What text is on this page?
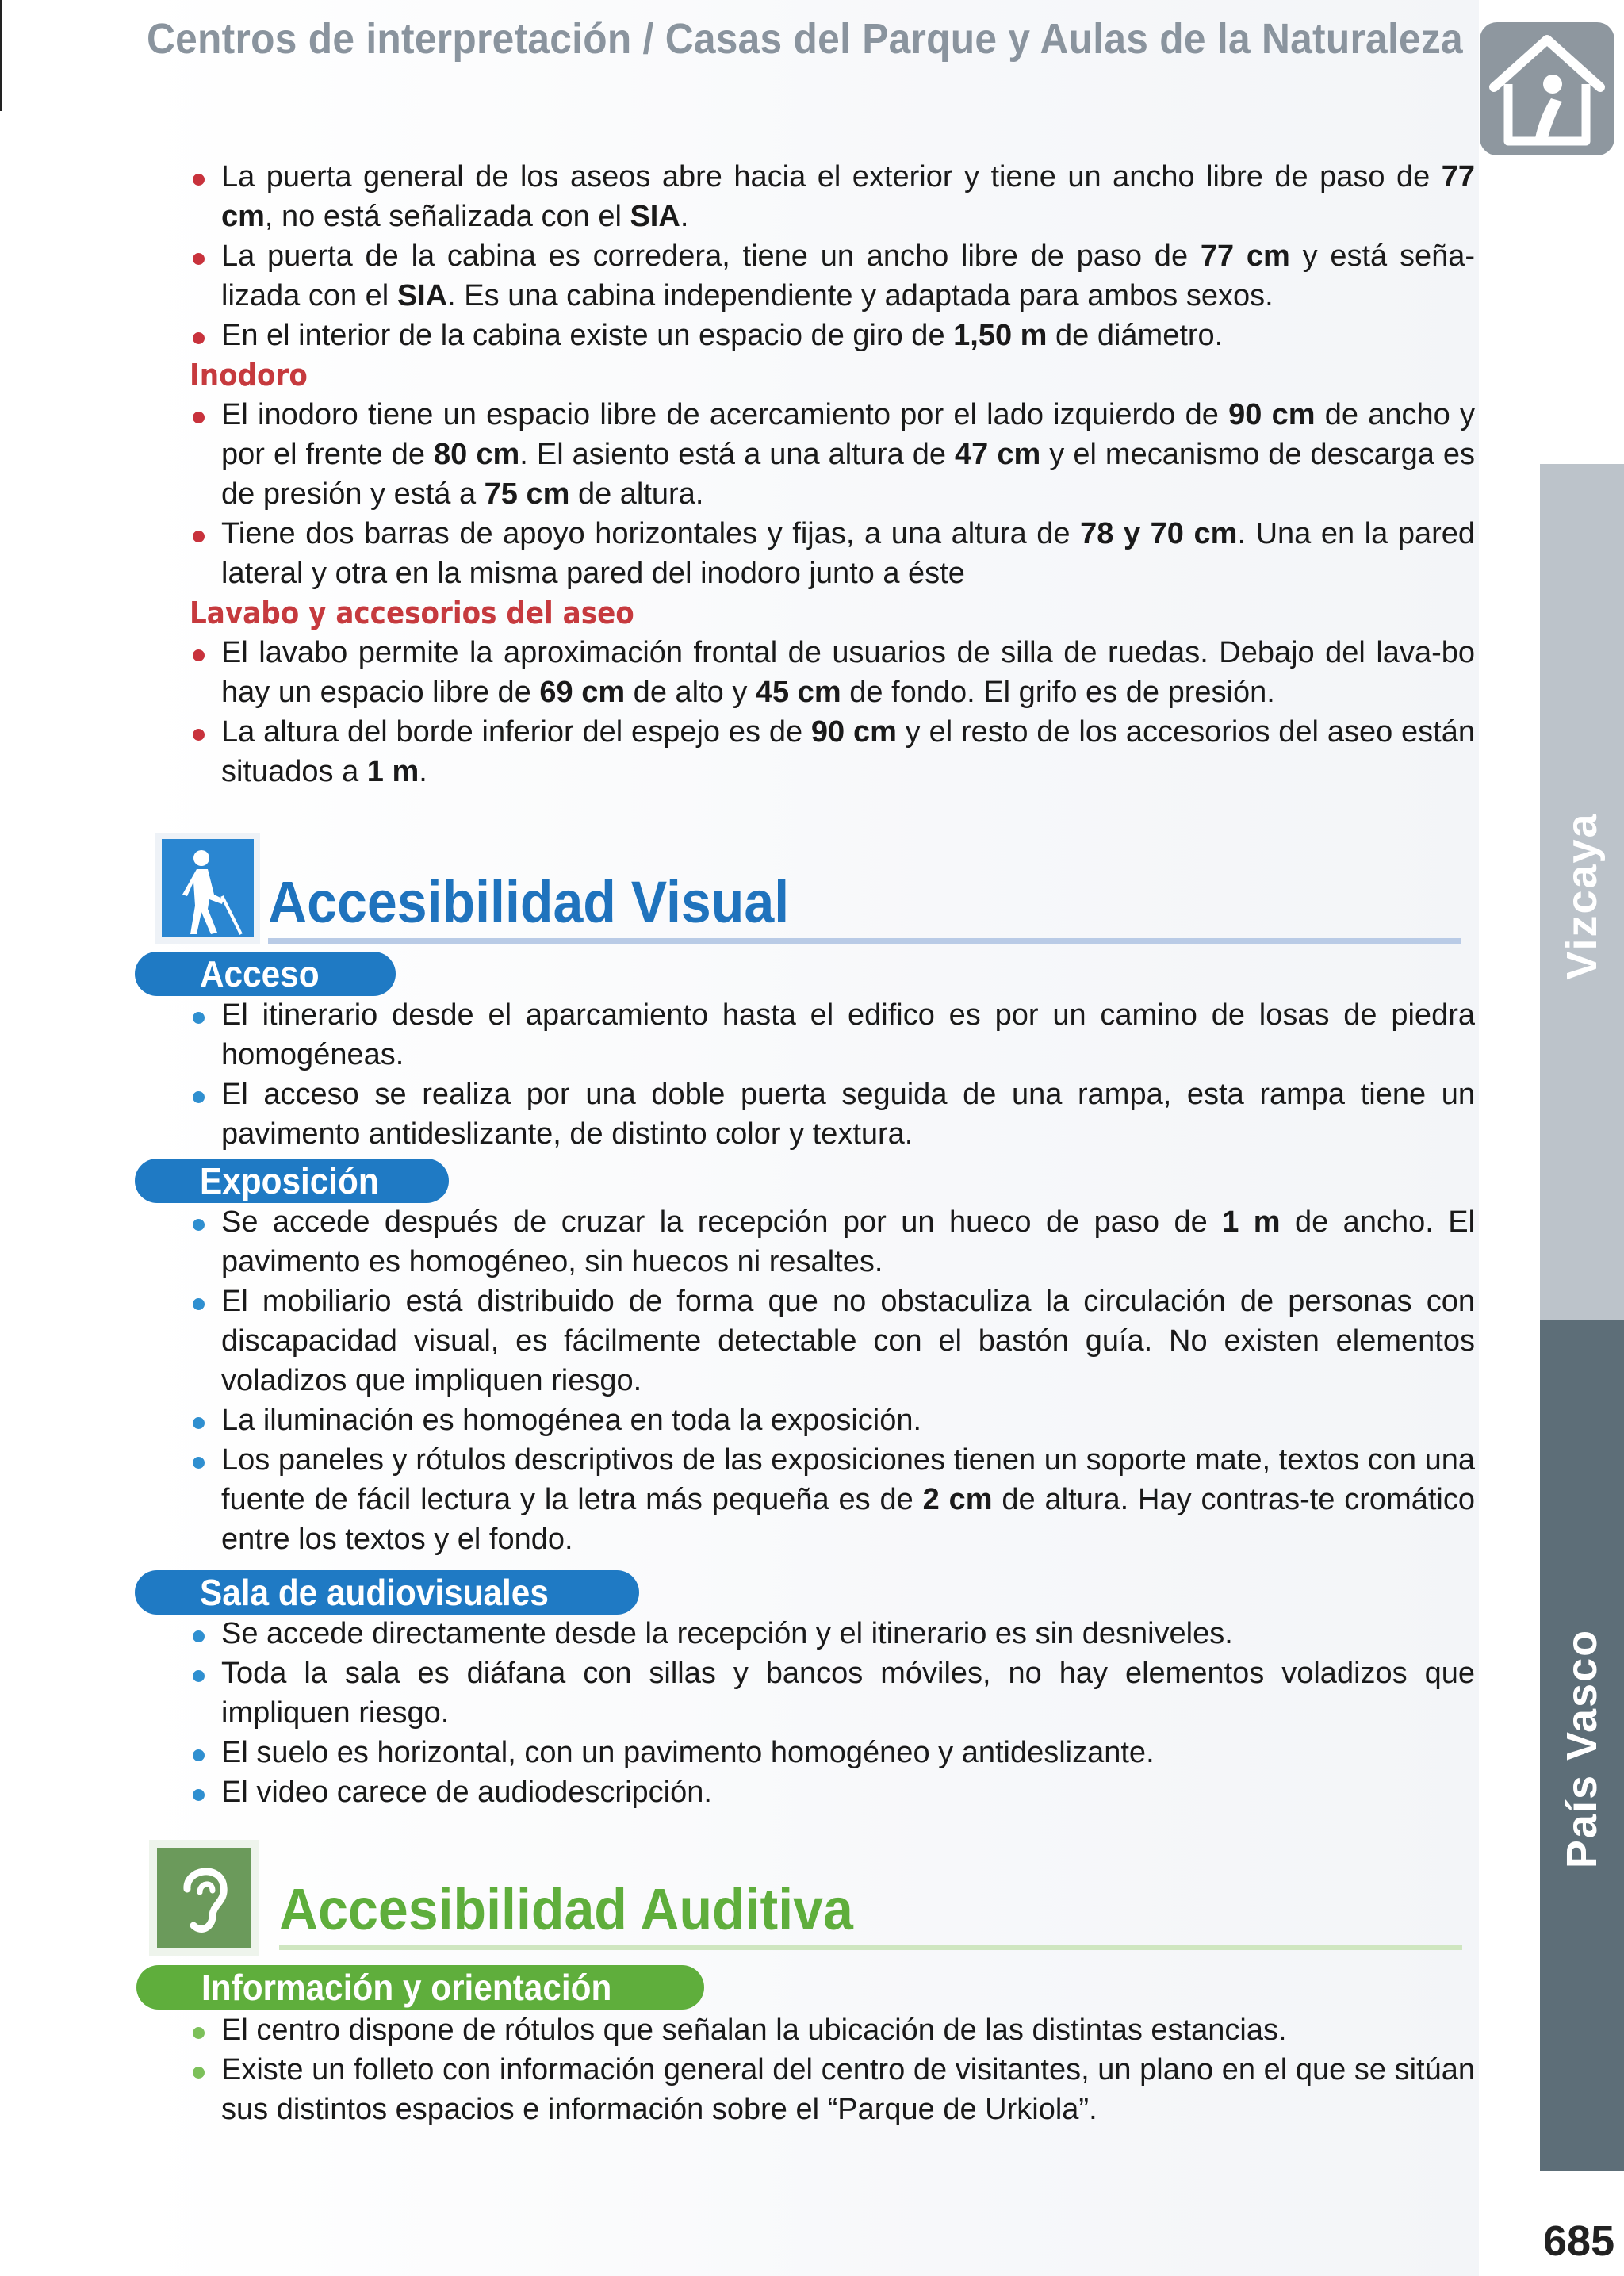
Centros de interpretación / Casas del Parque y Aulas de la Naturaleza
Vizcaya
País Vasco
685

La puerta general de los aseos abre hacia el exterior y tiene un ancho libre de paso de 77 cm, no está señalizada con el SIA.

La puerta de la cabina es corredera, tiene un ancho libre de paso de 77 cm y está seña-lizada con el SIA. Es una cabina independiente y adaptada para ambos sexos.

En el interior de la cabina existe un espacio de giro de 1,50 m de diámetro.

Inodoro

El inodoro tiene un espacio libre de acercamiento por el lado izquierdo de 90 cm de ancho y por el frente de 80 cm. El asiento está a una altura de 47 cm y el mecanismo de descarga es de presión y está a 75 cm de altura.

Tiene dos barras de apoyo horizontales y fijas, a una altura de 78 y 70 cm. Una en la pared lateral y otra en la misma pared del inodoro junto a éste

Lavabo y accesorios del aseo

El lavabo permite la aproximación frontal de usuarios de silla de ruedas. Debajo del lava-bo hay un espacio libre de 69 cm de alto y 45 cm de fondo. El grifo es de presión.

La altura del borde inferior del espejo es de 90 cm y el resto de los accesorios del aseo están situados a 1 m.

Accesibilidad Visual
Acceso

El itinerario desde el aparcamiento hasta el edifico es por un camino de losas de piedra homogéneas.

El acceso se realiza por una doble puerta seguida de una rampa, esta rampa tiene un pavimento antideslizante, de distinto color y textura.

Exposición

Se accede después de cruzar la recepción por un hueco de paso de 1 m de ancho. El pavimento es homogéneo, sin huecos ni resaltes.

El mobiliario está distribuido de forma que no obstaculiza la circulación de personas con discapacidad visual, es fácilmente detectable con el bastón guía. No existen elementos voladizos que impliquen riesgo.

La iluminación es homogénea en toda la exposición.

Los paneles y rótulos descriptivos de las exposiciones tienen un soporte mate, textos con una fuente de fácil lectura y la letra más pequeña es de 2 cm de altura. Hay contras-te cromático entre los textos y el fondo.

Sala de audiovisuales

Se accede directamente desde la recepción y el itinerario es sin desniveles.

Toda la sala es diáfana con sillas y bancos móviles, no hay elementos voladizos que impliquen riesgo.

El suelo es horizontal, con un pavimento homogéneo y antideslizante.

El video carece de audiodescripción.

Accesibilidad Auditiva
Información y orientación

El centro dispone de rótulos que señalan la ubicación de las distintas estancias.

Existe un folleto con información general del centro de visitantes, un plano en el que se sitúan sus distintos espacios e información sobre el “Parque de Urkiola”.
